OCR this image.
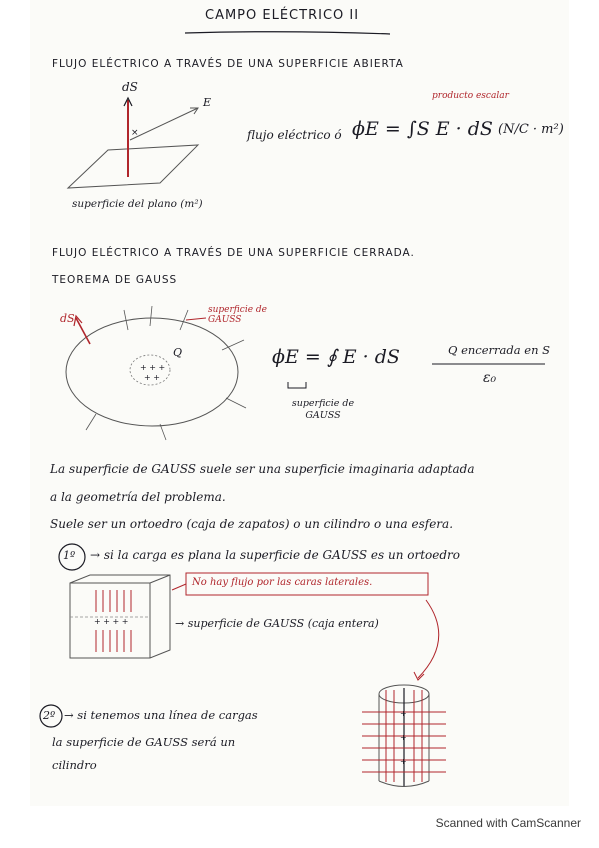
CAMPO ELÉCTRICO II
FLUJO ELÉCTRICO A TRAVÉS DE UNA SUPERFICIE ABIERTA
×
dS
E
superficie del plano (m²)
producto escalar
flujo eléctrico ó ϕE = ∫S E · dS (N/C · m²)
FLUJO ELÉCTRICO A TRAVÉS DE UNA SUPERFICIE CERRADA.
TEOREMA DE GAUSS
+ + +
+ +
superficie de GAUSS
dS
Q	ϕE = ∮ E · dS	Q encerrada en S
ε₀
superficie de GAUSS
La superficie de GAUSS suele ser una superficie imaginaria adaptada
a la geometría del problema.
Suele ser un ortoedro (caja de zapatos) o un cilindro o una esfera.
1º → si la carga es plana la superficie de GAUSS es un ortoedro
+ + + +
No hay flujo por las caras laterales.
→ superficie de GAUSS (caja entera)
2º → si tenemos una línea de cargas
la superficie de GAUSS será un
cilindro
+
+
+
Scanned with CamScanner
